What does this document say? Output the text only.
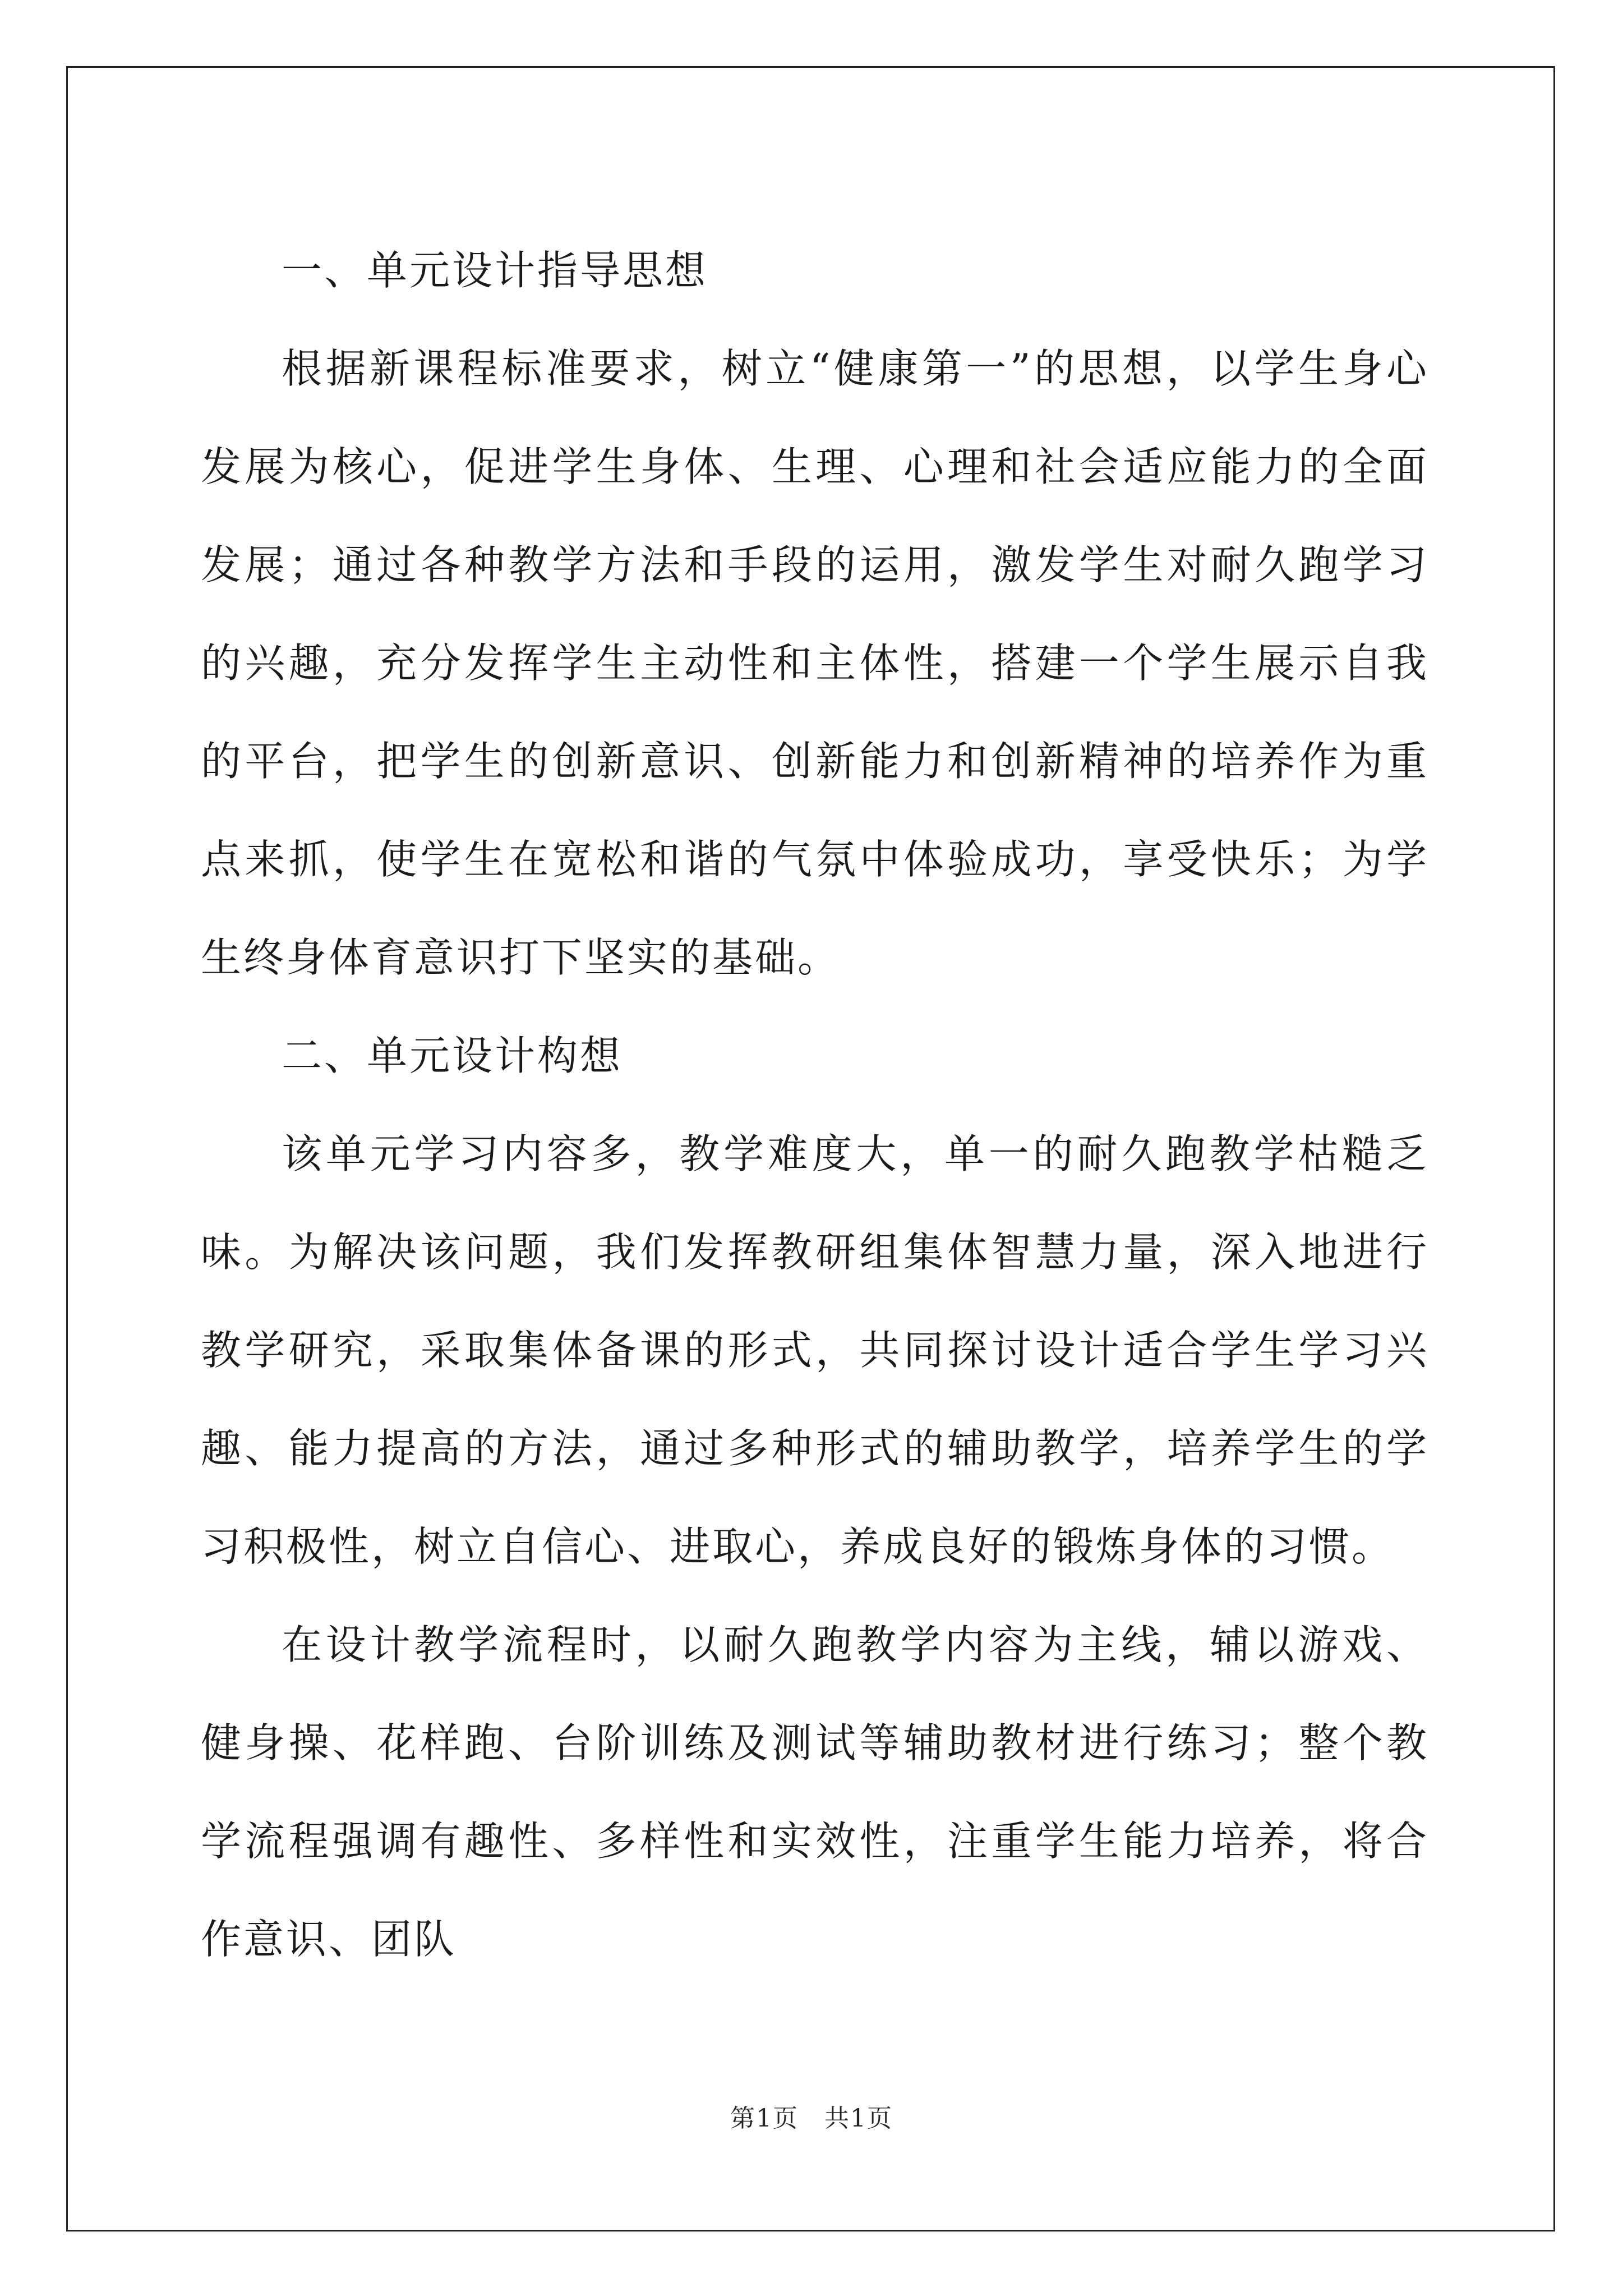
一、单元设计指导思想

根据新课程标准要求，树立“健康第一”的思想，以学生身心发展为核心，促进学生身体、生理、心理和社会适应能力的全面发展；通过各种教学方法和手段的运用，激发学生对耐久跑学习的兴趣，充分发挥学生主动性和主体性，搭建一个学生展示自我的平台，把学生的创新意识、创新能力和创新精神的培养作为重点来抓，使学生在宽松和谐的气氛中体验成功，享受快乐；为学生终身体育意识打下坚实的基础。

二、单元设计构想

该单元学习内容多，教学难度大，单一的耐久跑教学枯糙乏味。为解决该问题，我们发挥教研组集体智慧力量，深入地进行教学研究，采取集体备课的形式，共同探讨设计适合学生学习兴趣、能力提高的方法，通过多种形式的辅助教学，培养学生的学习积极性，树立自信心、进取心，养成良好的锻炼身体的习惯。

在设计教学流程时，以耐久跑教学内容为主线，辅以游戏、健身操、花样跑、台阶训练及测试等辅助教材进行练习；整个教学流程强调有趣性、多样性和实效性，注重学生能力培养，将合作意识、团队

第1页　共1页
